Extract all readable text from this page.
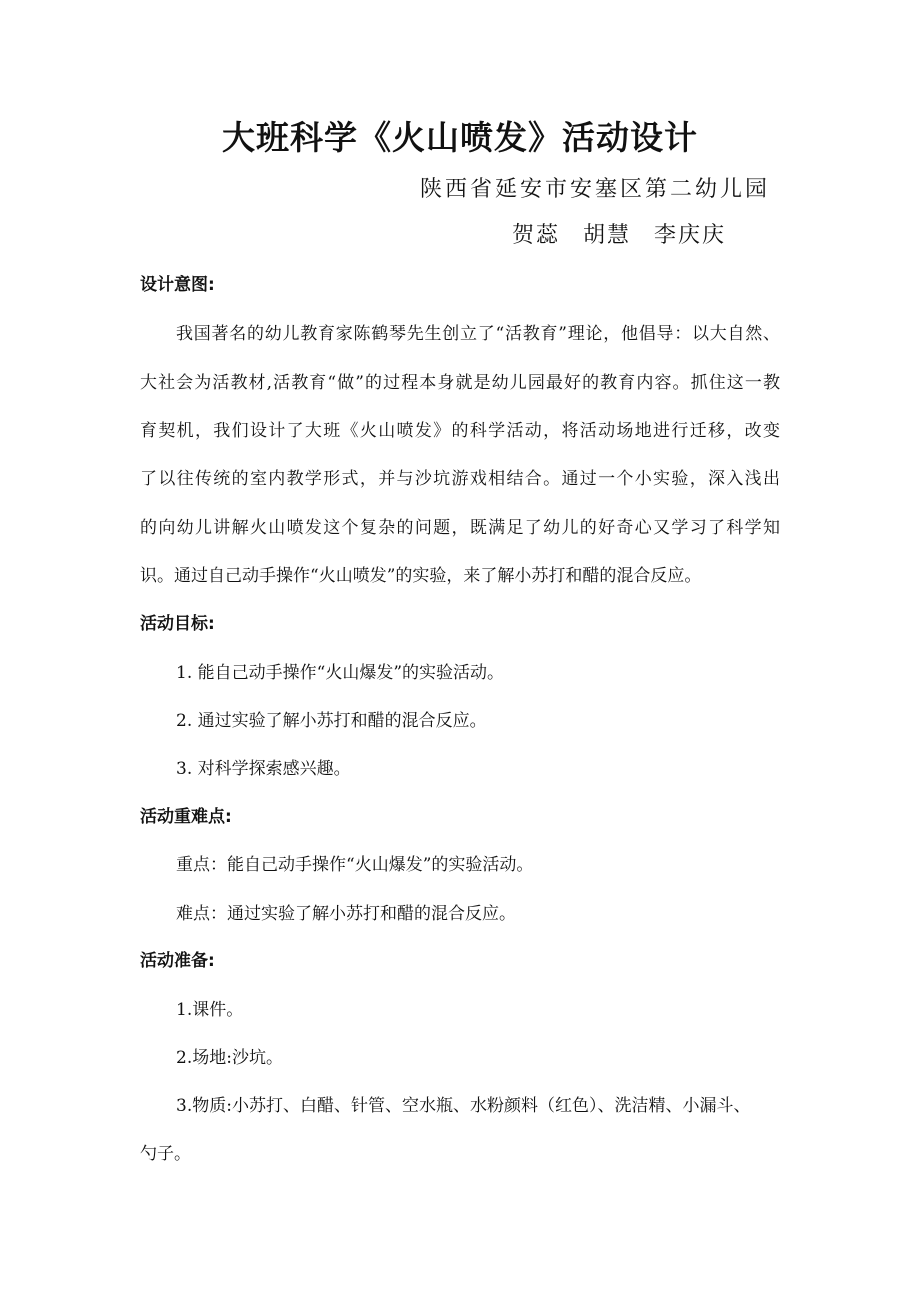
大班科学《火山喷发》活动设计
陕西省延安市安塞区第二幼儿园
贺蕊 胡慧 李庆庆
设计意图:
我国著名的幼儿教育家陈鹤琴先生创立了“活教育”理论，他倡导：以大自然、
大社会为活教材,活教育“做”的过程本身就是幼儿园最好的教育内容。抓住这一教
育契机，我们设计了大班《火山喷发》的科学活动，将活动场地进行迁移，改变
了以往传统的室内教学形式，并与沙坑游戏相结合。通过一个小实验，深入浅出
的向幼儿讲解火山喷发这个复杂的问题，既满足了幼儿的好奇心又学习了科学知
识。通过自己动手操作“火山喷发”的实验，来了解小苏打和醋的混合反应。
活动目标:
1. 能自己动手操作“火山爆发”的实验活动。
2. 通过实验了解小苏打和醋的混合反应。
3. 对科学探索感兴趣。
活动重难点:
重点：能自己动手操作“火山爆发”的实验活动。
难点：通过实验了解小苏打和醋的混合反应。
活动准备:
1.课件。
2.场地:沙坑。
3.物质:小苏打、白醋、针管、空水瓶、水粉颜料（红色）、洗洁精、小漏斗、
勺子。
